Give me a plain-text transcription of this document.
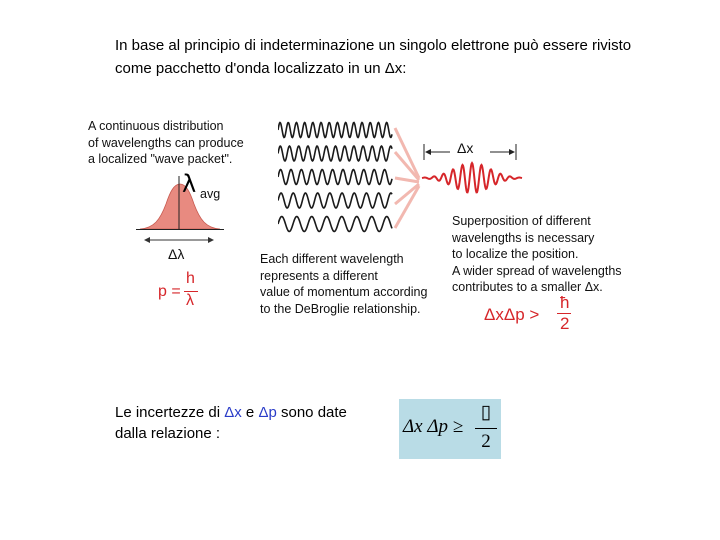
In base al principio di indeterminazione un singolo elettrone può essere rivisto
come pacchetto d'onda localizzato in un Δx:
A continuous distribution
of wavelengths can produce
a localized "wave packet".
λ avg
Δλ
p =
h
λ
Δx
Each different wavelength
represents a different
value of momentum according
to the DeBroglie relationship.
Superposition of different
wavelengths is necessary
to localize the position.
A wider spread of wavelengths
contributes to a smaller Δx.
ΔxΔp >
ħ
2
Le incertezze di Δx e Δp sono date
dalla relazione :	Δx Δp ≥
▯
2
